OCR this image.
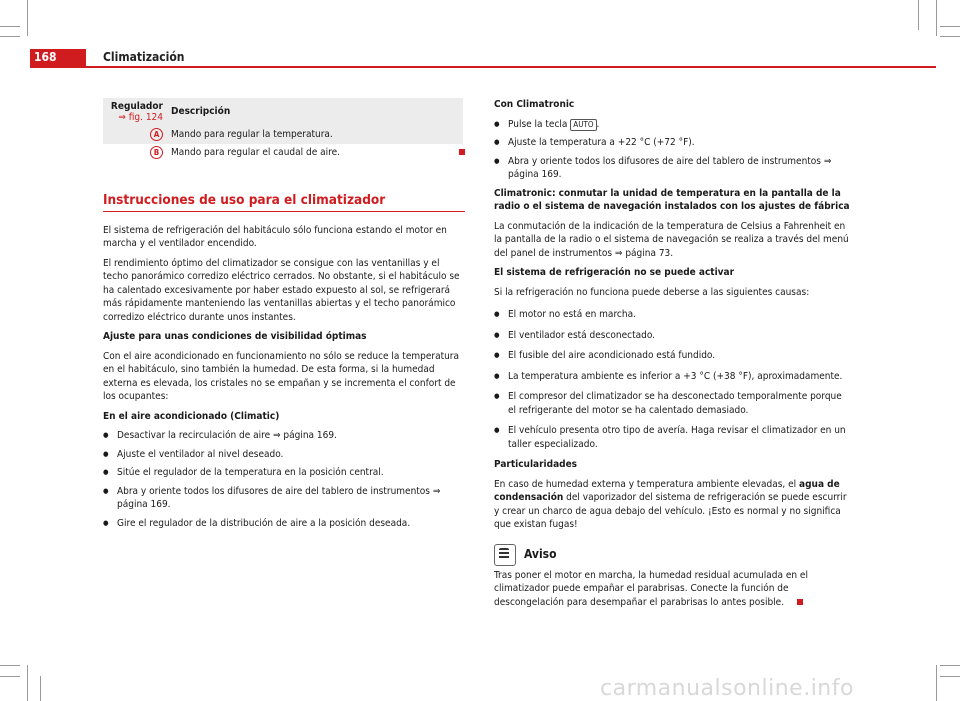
168	Climatización
Regulador
⇒ fig. 124	Descripción
A	Mando para regular la temperatura.
B	Mando para regular el caudal de aire.
Instrucciones de uso para el climatizador

El sistema de refrigeración del habitáculo sólo funciona estando el motor en marcha y el ventilador encendido.

El rendimiento óptimo del climatizador se consigue con las ventanillas y el techo panorámico corredizo eléctrico cerrados. No obstante, si el habitáculo se ha calentado excesivamente por haber estado expuesto al sol, se refrigerará más rápidamente manteniendo las ventanillas abiertas y el techo panorámico corredizo eléctrico durante unos instantes.

Ajuste para unas condiciones de visibilidad óptimas

Con el aire acondicionado en funcionamiento no sólo se reduce la temperatura en el habitáculo, sino también la humedad. De esta forma, si la humedad externa es elevada, los cristales no se empañan y se incrementa el confort de los ocupantes:

En el aire acondicionado (Climatic)

● Desactivar la recirculación de aire ⇒ página 169.
● Ajuste el ventilador al nivel deseado.
● Sitúe el regulador de la temperatura en la posición central.
● Abra y oriente todos los difusores de aire del tablero de instrumentos ⇒ página 169.
● Gire el regulador de la distribución de aire a la posición deseada.

Con Climatronic

● Pulse la tecla AUTO .
● Ajuste la temperatura a +22 °C (+72 °F).
● Abra y oriente todos los difusores de aire del tablero de instrumentos ⇒ página 169.

Climatronic: conmutar la unidad de temperatura en la pantalla de la radio o el sistema de navegación instalados con los ajustes de fábrica

La conmutación de la indicación de la temperatura de Celsius a Fahrenheit en la pantalla de la radio o el sistema de navegación se realiza a través del menú del panel de instrumentos ⇒ página 73.

El sistema de refrigeración no se puede activar

Si la refrigeración no funciona puede deberse a las siguientes causas:

● El motor no está en marcha.
● El ventilador está desconectado.
● El fusible del aire acondicionado está fundido.
● La temperatura ambiente es inferior a +3 °C (+38 °F), aproximadamente.
● El compresor del climatizador se ha desconectado temporalmente porque el refrigerante del motor se ha calentado demasiado.
● El vehículo presenta otro tipo de avería. Haga revisar el climatizador en un taller especializado.

Particularidades

En caso de humedad externa y temperatura ambiente elevadas, el agua de condensación del vaporizador del sistema de refrigeración se puede escurrir y crear un charco de agua debajo del vehículo. ¡Esto es normal y no significa que existan fugas!

Aviso

Tras poner el motor en marcha, la humedad residual acumulada en el climatizador puede empañar el parabrisas. Conecte la función de descongelación para desempañar el parabrisas lo antes posible.

carmanualsonline.info
